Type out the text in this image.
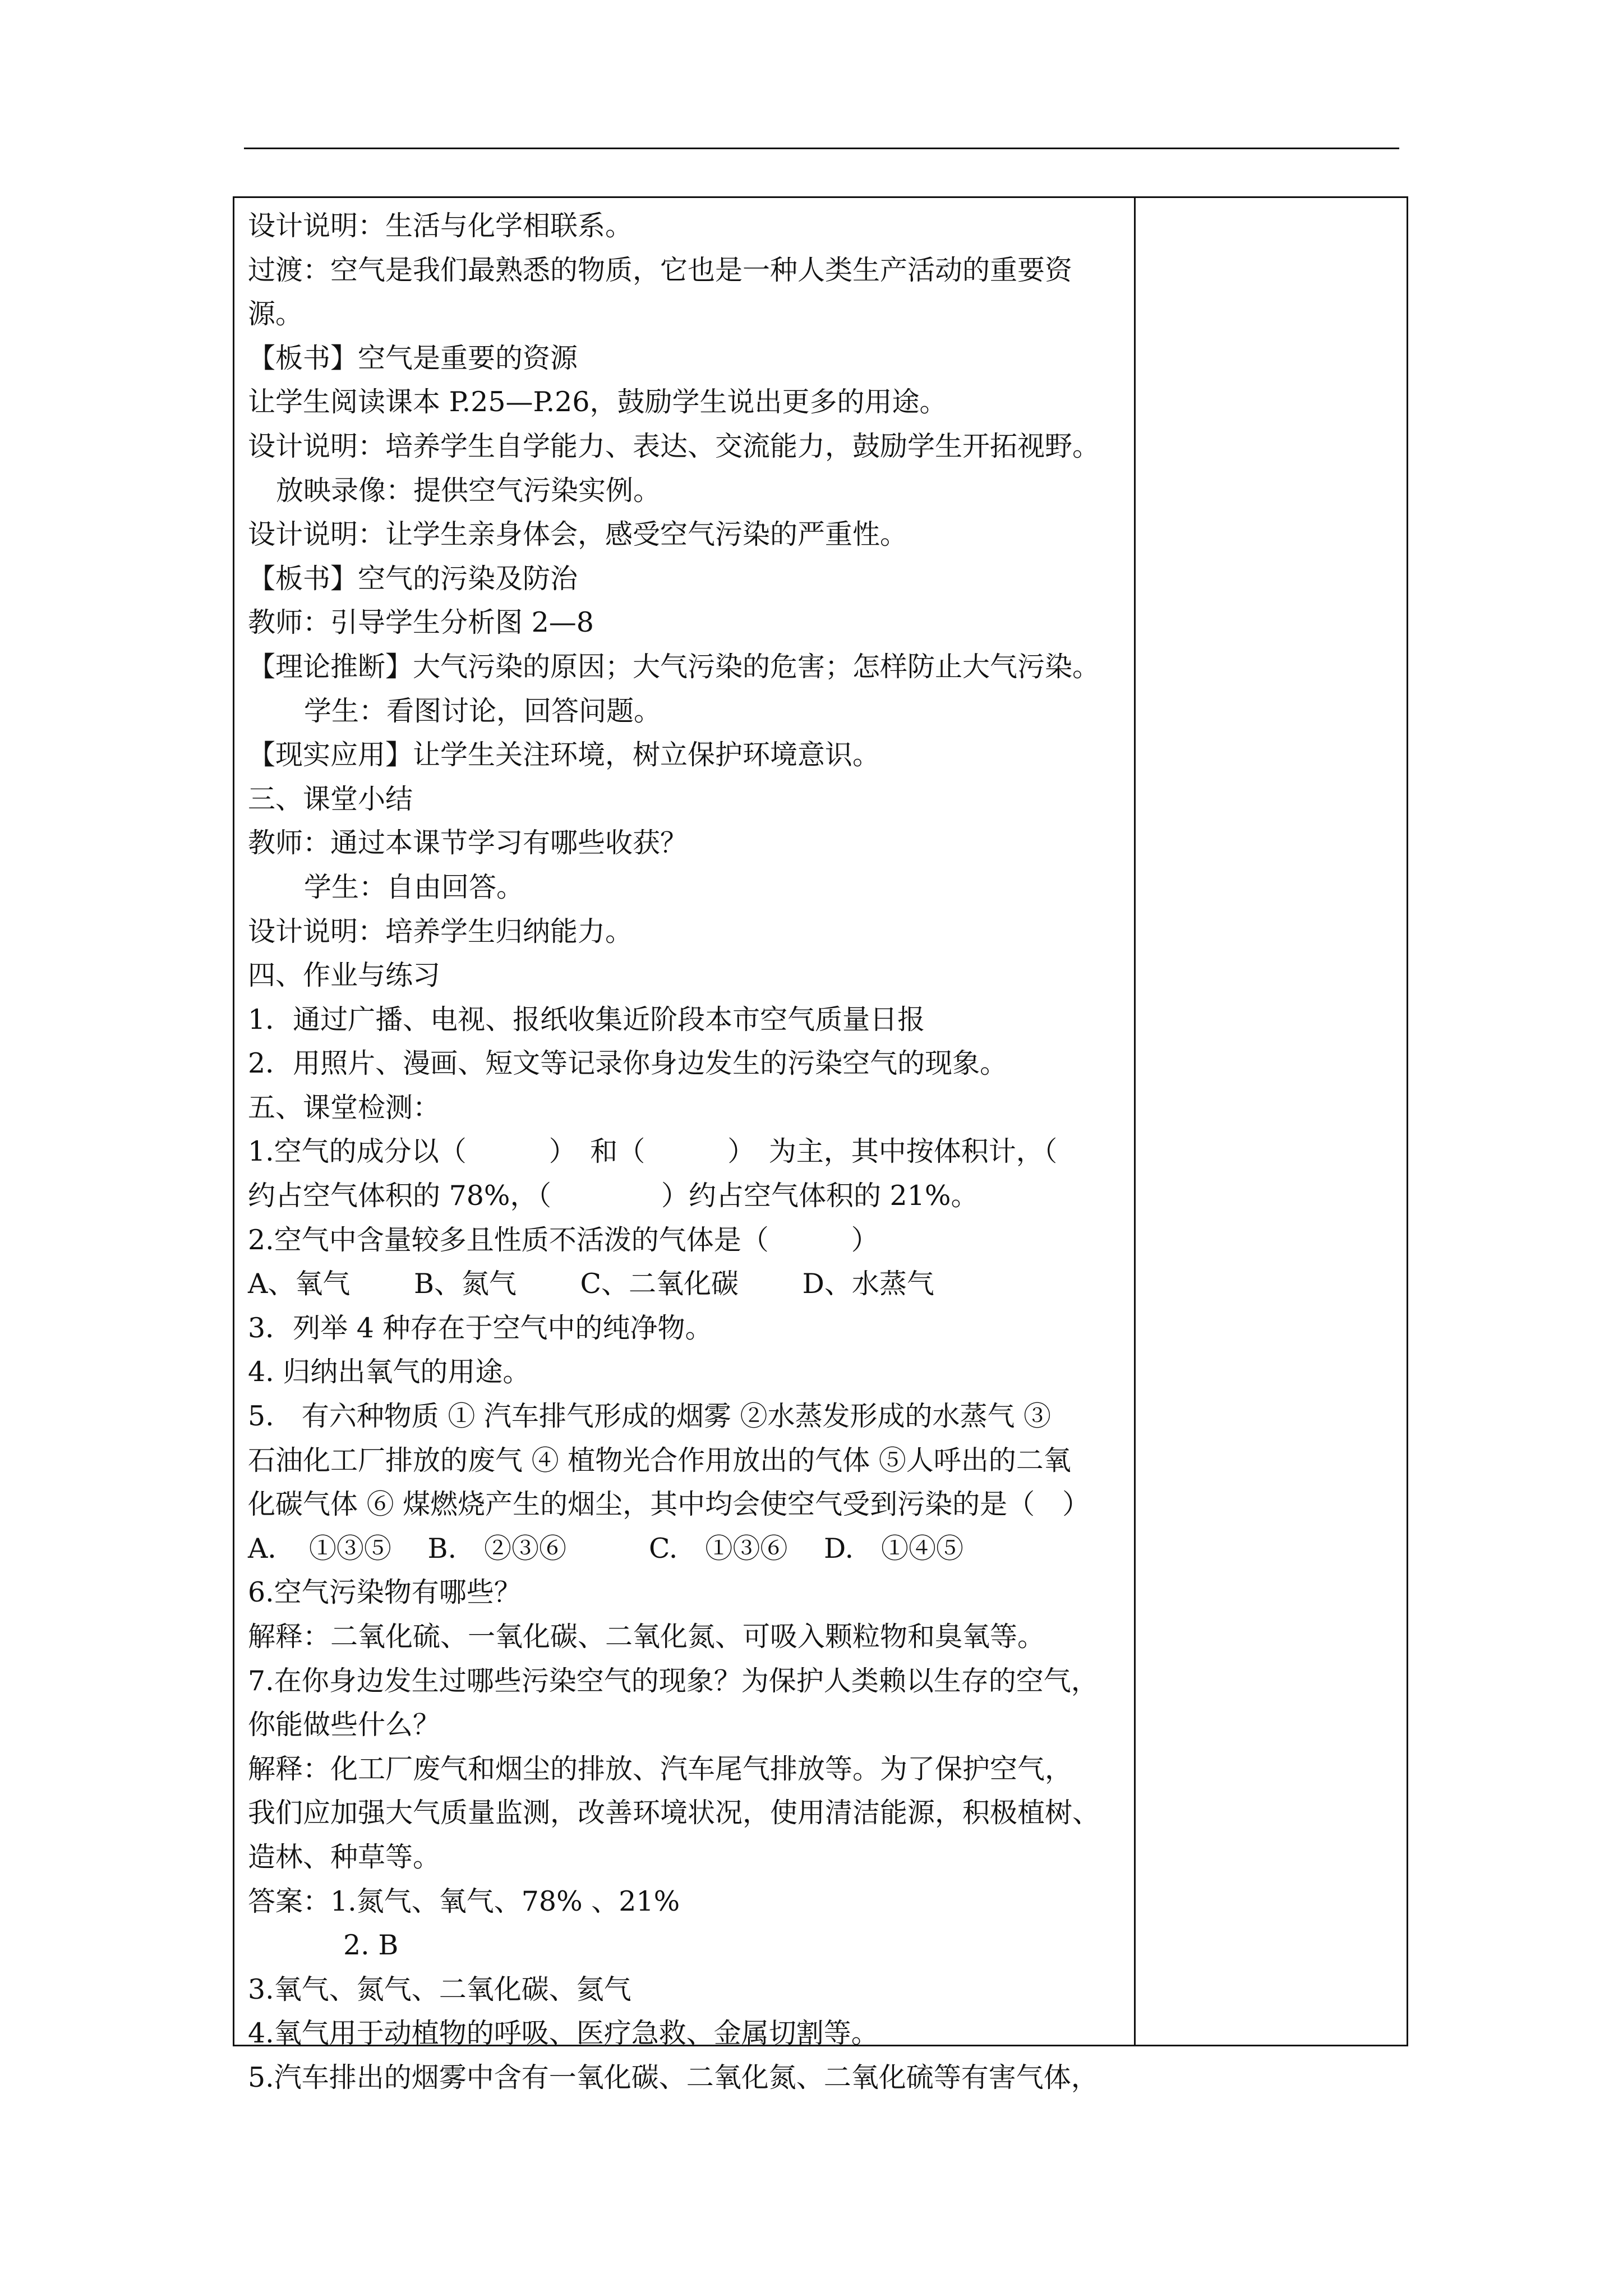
设计说明：生活与化学相联系。
过渡：空气是我们最熟悉的物质，它也是一种人类生产活动的重要资
源。
【板书】空气是重要的资源
让学生阅读课本 P.25—P.26，鼓励学生说出更多的用途。
设计说明：培养学生自学能力、表达、交流能力，鼓励学生开拓视野。
放映录像：提供空气污染实例。
设计说明：让学生亲身体会，感受空气污染的严重性。
【板书】空气的污染及防治
教师：引导学生分析图 2—8
【理论推断】大气污染的原因；大气污染的危害；怎样防止大气污染。
学生：看图讨论，回答问题。
【现实应用】让学生关注环境，树立保护环境意识。
三、课堂小结
教师：通过本课节学习有哪些收获？
学生：自由回答。
设计说明：培养学生归纳能力。
四、作业与练习
1．通过广播、电视、报纸收集近阶段本市空气质量日报
2．用照片、漫画、短文等记录你身边发生的污染空气的现象。
五、课堂检测：
1.空气的成分以（　　　）　和（　　　）　为主，其中按体积计，（
约占空气体积的 78%，（　　　　）约占空气体积的 21%。
2.空气中含量较多且性质不活泼的气体是（　　　）
A、氧气　　 B、氮气　　 C、二氧化碳　　 D、水蒸气
3．列举 4 种存在于空气中的纯净物。
4. 归纳出氧气的用途。
5.　有六种物质 ① 汽车排气形成的烟雾 ②水蒸发形成的水蒸气 ③
石油化工厂排放的废气 ④ 植物光合作用放出的气体 ⑤人呼出的二氧
化碳气体 ⑥ 煤燃烧产生的烟尘，其中均会使空气受到污染的是（　）
A．　①③⑤　 B.　②③⑥　　　C.　①③⑥　 D.　①④⑤
6.空气污染物有哪些？
解释：二氧化硫、一氧化碳、二氧化氮、可吸入颗粒物和臭氧等。
7.在你身边发生过哪些污染空气的现象？为保护人类赖以生存的空气，
你能做些什么？
解释：化工厂废气和烟尘的排放、汽车尾气排放等。为了保护空气，
我们应加强大气质量监测，改善环境状况，使用清洁能源，积极植树、
造林、种草等。
答案：1.氮气、氧气、78% 、21%
2. B
3.氧气、氮气、二氧化碳、氦气
4.氧气用于动植物的呼吸、医疗急救、金属切割等。
5.汽车排出的烟雾中含有一氧化碳、二氧化氮、二氧化硫等有害气体，
